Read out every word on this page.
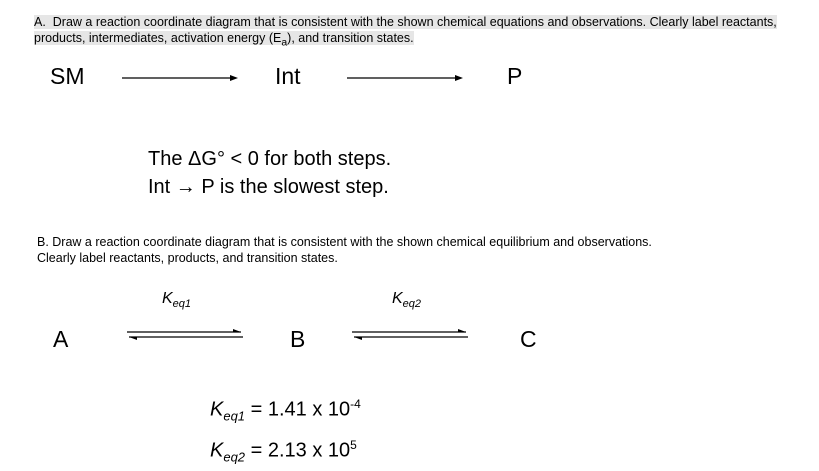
A. Draw a reaction coordinate diagram that is consistent with the shown chemical equations and observations. Clearly label reactants, products, intermediates, activation energy $(E_a)$, and transition states.
SM	Int	P
The ΔG° < 0 for both steps.
Int → P is the slowest step.
B. Draw a reaction coordinate diagram that is consistent with the shown chemical equilibrium and observations. Clearly label reactants, products, and transition states.
$K_{eq1}$	$K_{eq2}$
A	B	C
$K_{eq1} = 1.41$ x $10^{-4}$
$K_{eq2} = 2.13$ x $10^5$
